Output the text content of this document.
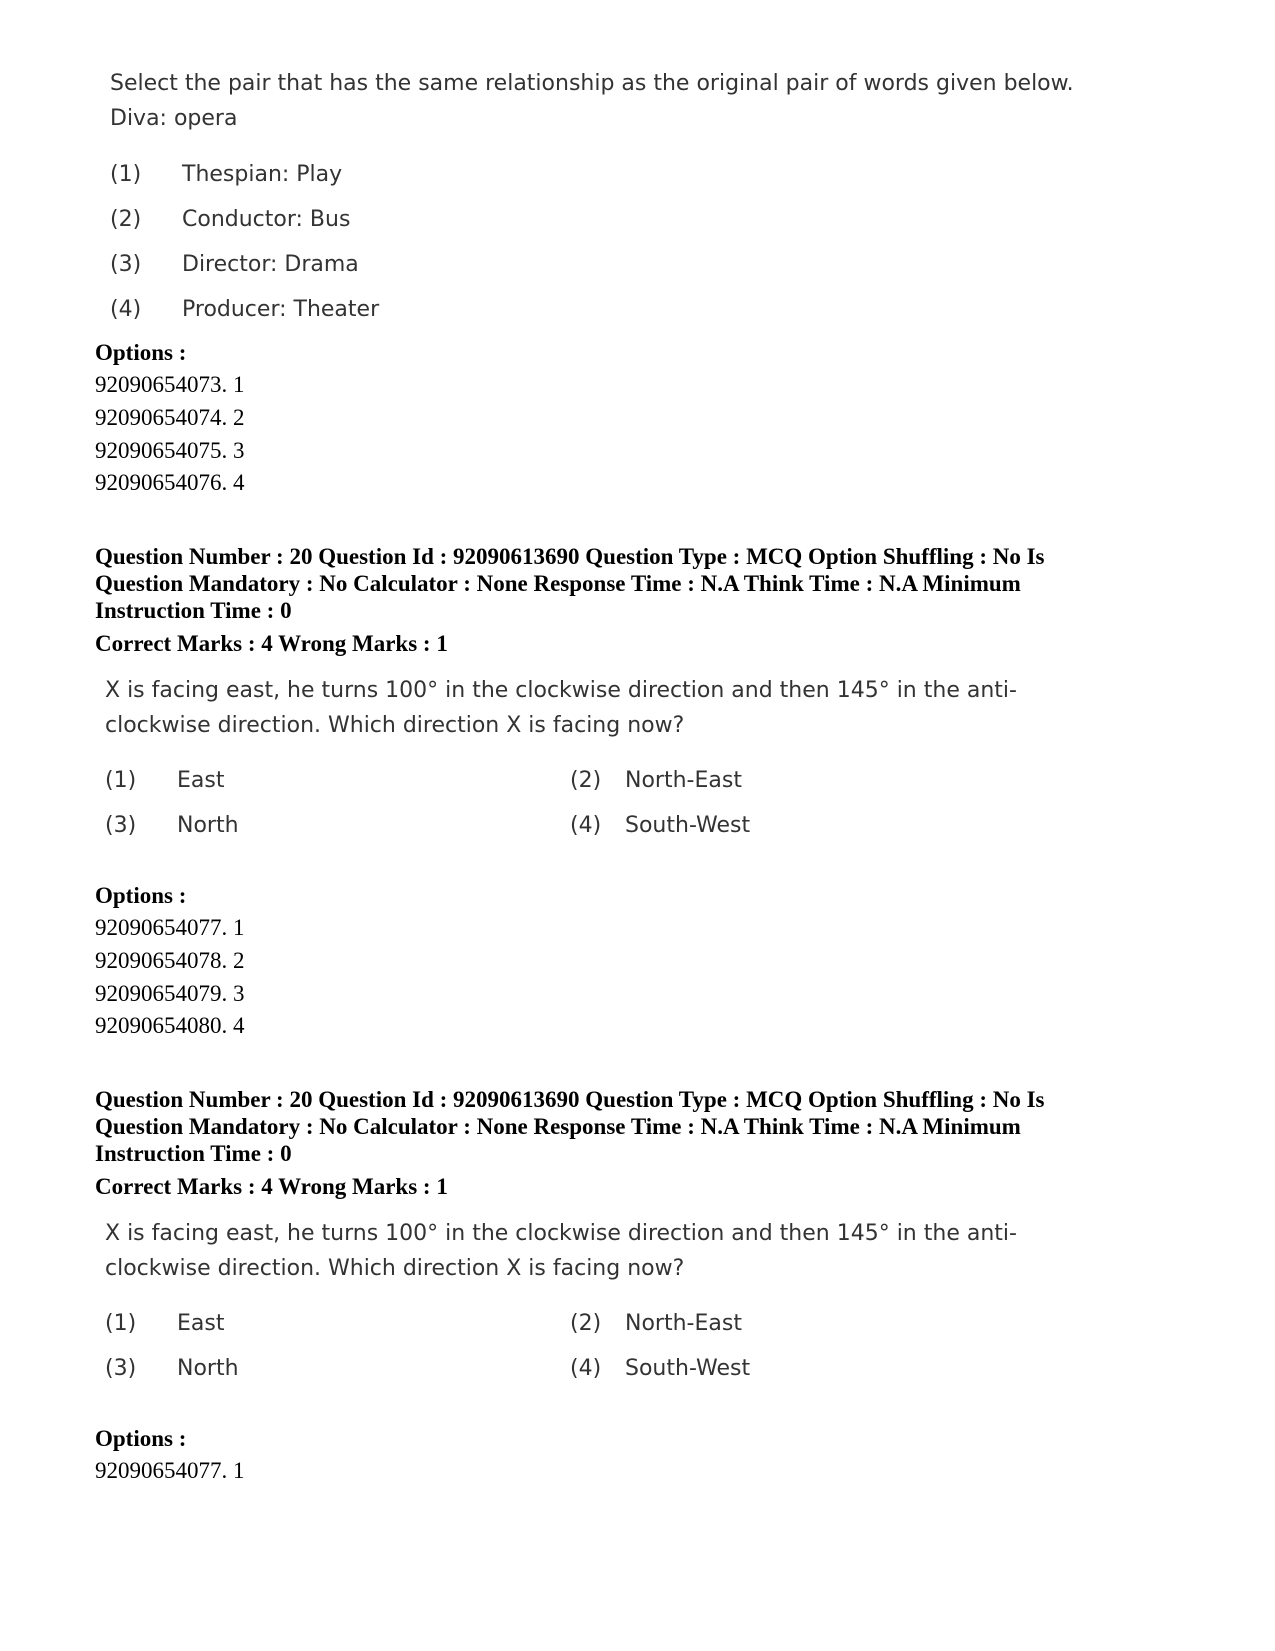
Select the pair that has the same relationship as the original pair of words given below.
Diva: opera
(1) Thespian: Play
(2) Conductor: Bus
(3) Director: Drama
(4) Producer: Theater
Options :
92090654073. 1
92090654074. 2
92090654075. 3
92090654076. 4
Question Number : 20 Question Id : 92090613690 Question Type : MCQ Option Shuffling : No Is
Question Mandatory : No Calculator : None Response Time : N.A Think Time : N.A Minimum
Instruction Time : 0
Correct Marks : 4 Wrong Marks : 1
X is facing east, he turns 100° in the clockwise direction and then 145° in the anti-
clockwise direction. Which direction X is facing now?
(1) East	(2) North-East
(3) North	(4) South-West
Options :
92090654077. 1
92090654078. 2
92090654079. 3
92090654080. 4
Question Number : 20 Question Id : 92090613690 Question Type : MCQ Option Shuffling : No Is
Question Mandatory : No Calculator : None Response Time : N.A Think Time : N.A Minimum
Instruction Time : 0
Correct Marks : 4 Wrong Marks : 1
X is facing east, he turns 100° in the clockwise direction and then 145° in the anti-
clockwise direction. Which direction X is facing now?
(1) East	(2) North-East
(3) North	(4) South-West
Options :
92090654077. 1
